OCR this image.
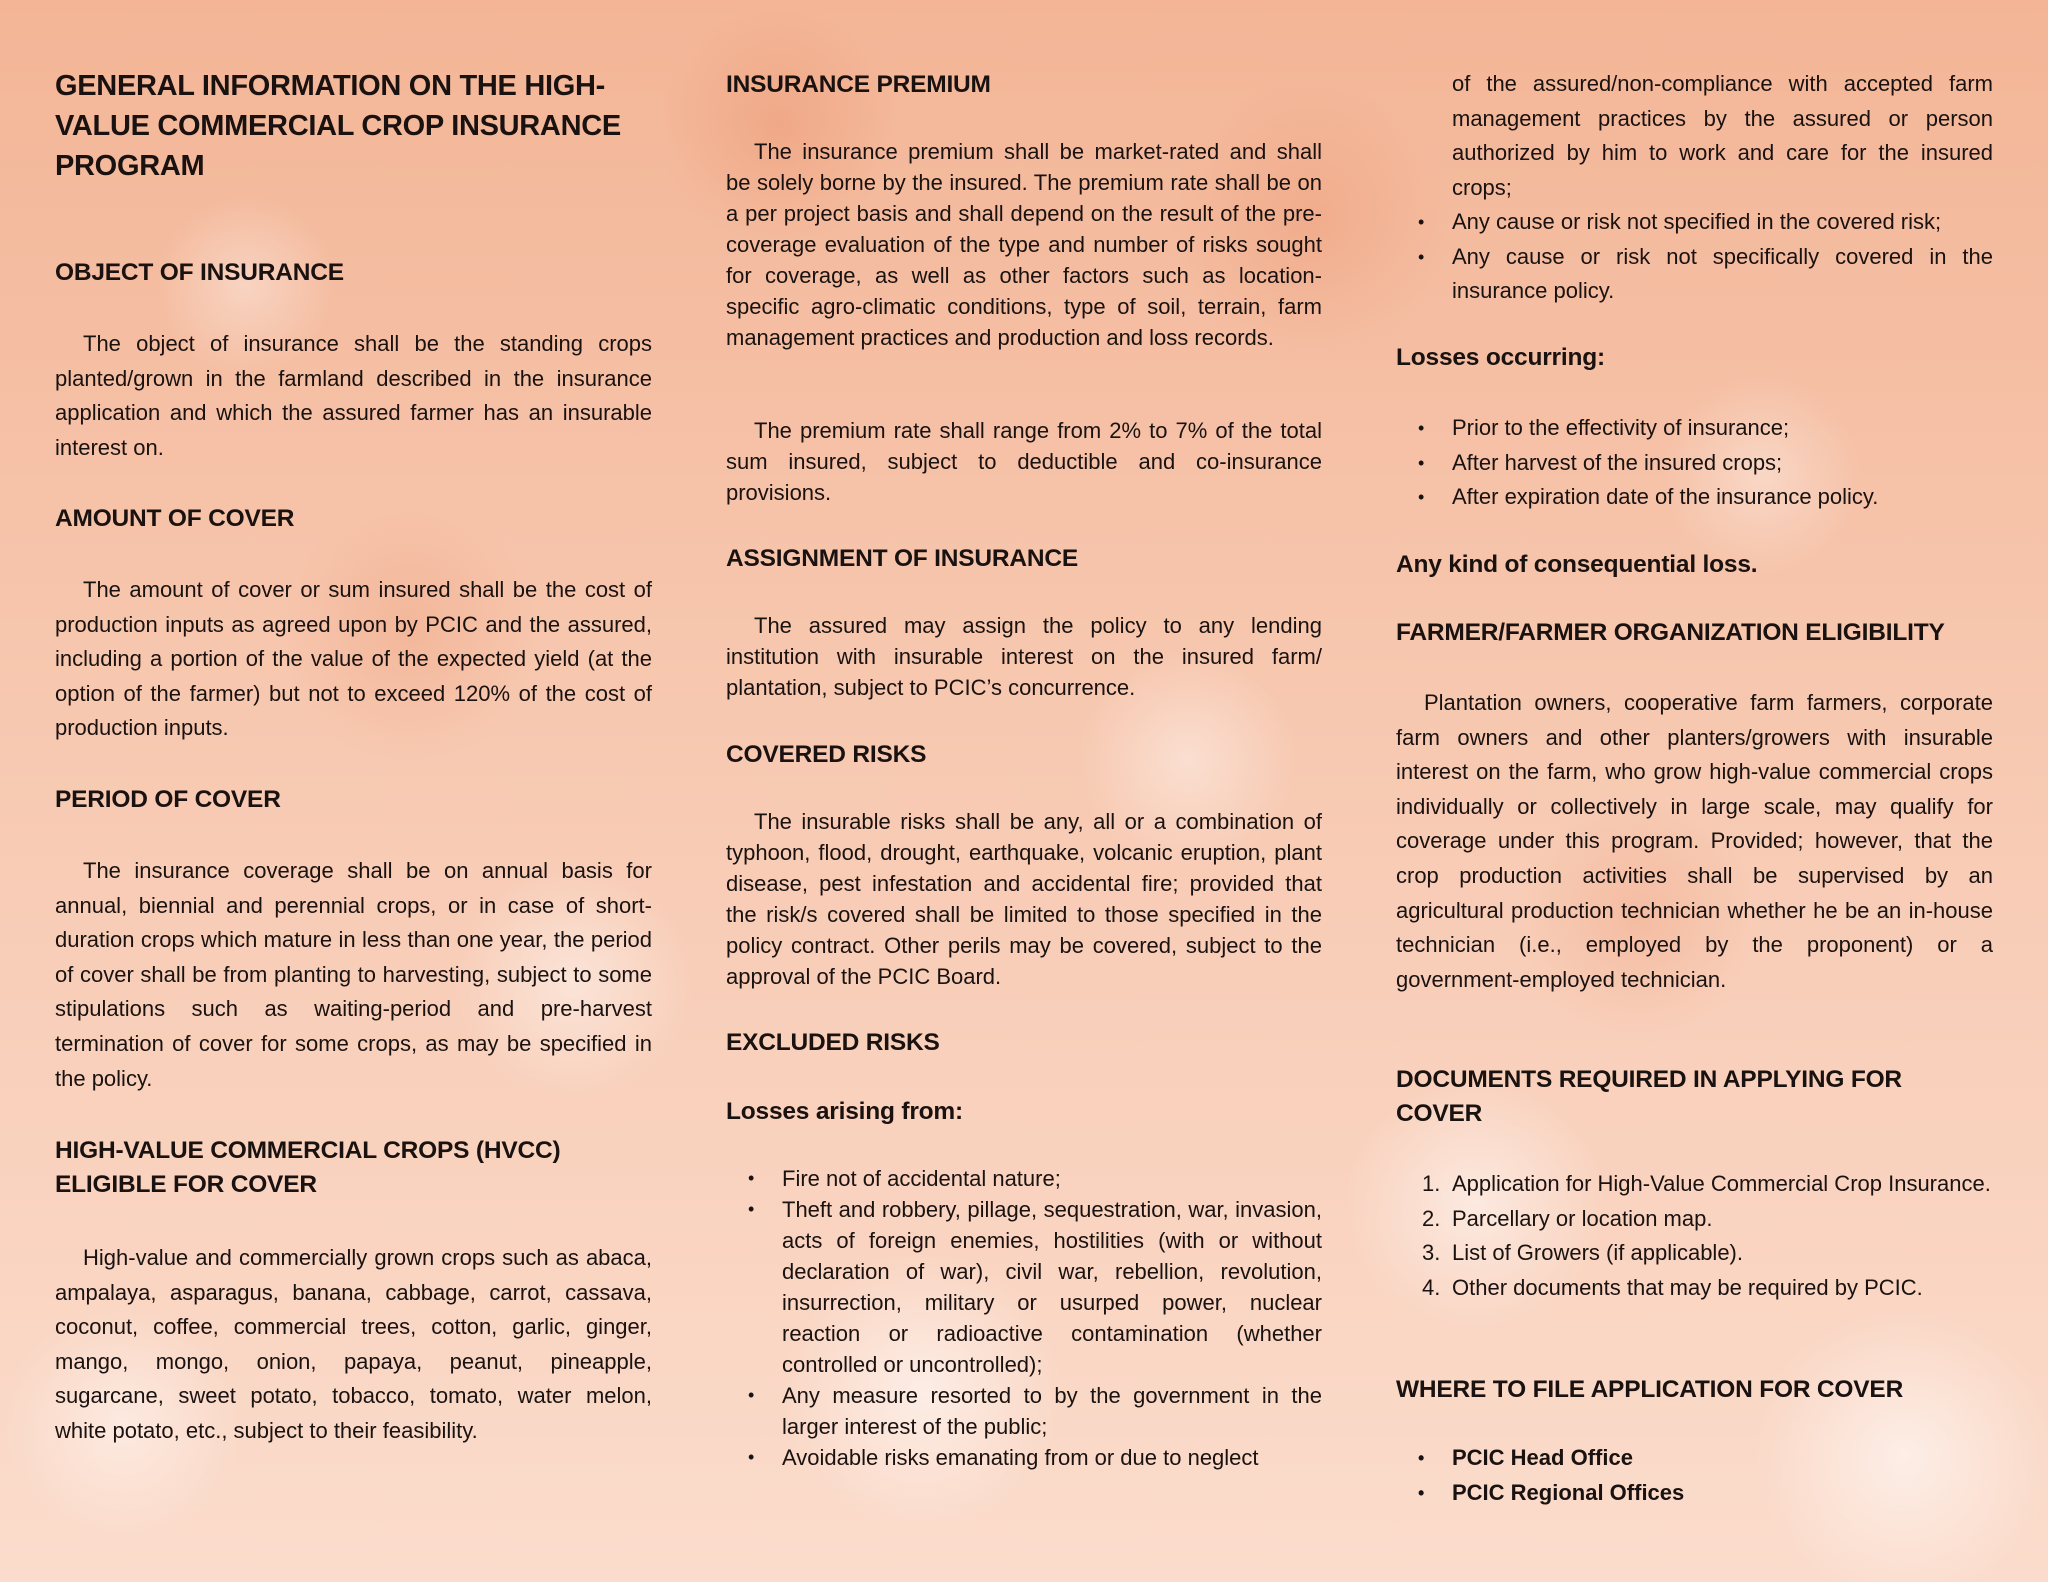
GENERAL INFORMATION ON THE HIGH-VALUE COMMERCIAL CROP INSURANCE PROGRAM
OBJECT OF INSURANCE

The object of insurance shall be the standing crops planted/grown in the farmland described in the insurance application and which the assured farmer has an insurable interest on.

AMOUNT OF COVER

The amount of cover or sum insured shall be the cost of production inputs as agreed upon by PCIC and the assured, including a portion of the value of the expected yield (at the option of the farmer) but not to exceed 120% of the cost of production inputs.

PERIOD OF COVER

The insurance coverage shall be on annual basis for annual, biennial and perennial crops, or in case of short-duration crops which mature in less than one year, the period of cover shall be from planting to harvesting, subject to some stipulations such as waiting-period and pre-harvest termination of cover for some crops, as may be specified in the policy.

HIGH-VALUE COMMERCIAL CROPS (HVCC) ELIGIBLE FOR COVER

High-value and commercially grown crops such as abaca, ampalaya, asparagus, banana, cabbage, carrot, cassava, coconut, coffee, commercial trees, cotton, garlic, ginger, mango, mongo, onion, papaya, peanut, pineapple, sugarcane, sweet potato, tobacco, tomato, water melon, white potato, etc., subject to their feasibility.

INSURANCE PREMIUM

The insurance premium shall be market-rated and shall be solely borne by the insured. The premium rate shall be on a per project basis and shall depend on the result of the pre-coverage evaluation of the type and number of risks sought for coverage, as well as other factors such as location-specific agro-climatic conditions, type of soil, terrain, farm management practices and production and loss records.

The premium rate shall range from 2% to 7% of the total sum insured, subject to deductible and co-insurance provisions.

ASSIGNMENT OF INSURANCE

The assured may assign the policy to any lending institution with insurable interest on the insured farm/ plantation, subject to PCIC’s concurrence.

COVERED RISKS

The insurable risks shall be any, all or a combination of typhoon, flood, drought, earthquake, volcanic eruption, plant disease, pest infestation and accidental fire; provided that the risk/s covered shall be limited to those specified in the policy contract. Other perils may be covered, subject to the approval of the PCIC Board.

EXCLUDED RISKS
Losses arising from:
• Fire not of accidental nature;
• Theft and robbery, pillage, sequestration, war, invasion, acts of foreign enemies, hostilities (with or without declaration of war), civil war, rebellion, revolution, insurrection, military or usurped power, nuclear reaction or radioactive contamination (whether controlled or uncontrolled);
• Any measure resorted to by the government in the larger interest of the public;
• Avoidable risks emanating from or due to neglect

of the assured/non-compliance with accepted farm management practices by the assured or person authorized by him to work and care for the insured crops;

• Any cause or risk not specified in the covered risk;
• Any cause or risk not specifically covered in the insurance policy.
Losses occurring:
• Prior to the effectivity of insurance;
• After harvest of the insured crops;
• After expiration date of the insurance policy.
Any kind of consequential loss.
FARMER/FARMER ORGANIZATION ELIGIBILITY

Plantation owners, cooperative farm farmers, corporate farm owners and other planters/growers with insurable interest on the farm, who grow high-value commercial crops individually or collectively in large scale, may qualify for coverage under this program. Provided; however, that the crop production activities shall be supervised by an agricultural production technician whether he be an in-house technician (i.e., employed by the proponent) or a government-employed technician.

DOCUMENTS REQUIRED IN APPLYING FOR COVER
1. Application for High-Value Commercial Crop Insurance.
2. Parcellary or location map.
3. List of Growers (if applicable).
4. Other documents that may be required by PCIC.
WHERE TO FILE APPLICATION FOR COVER
• PCIC Head Office
• PCIC Regional Offices
